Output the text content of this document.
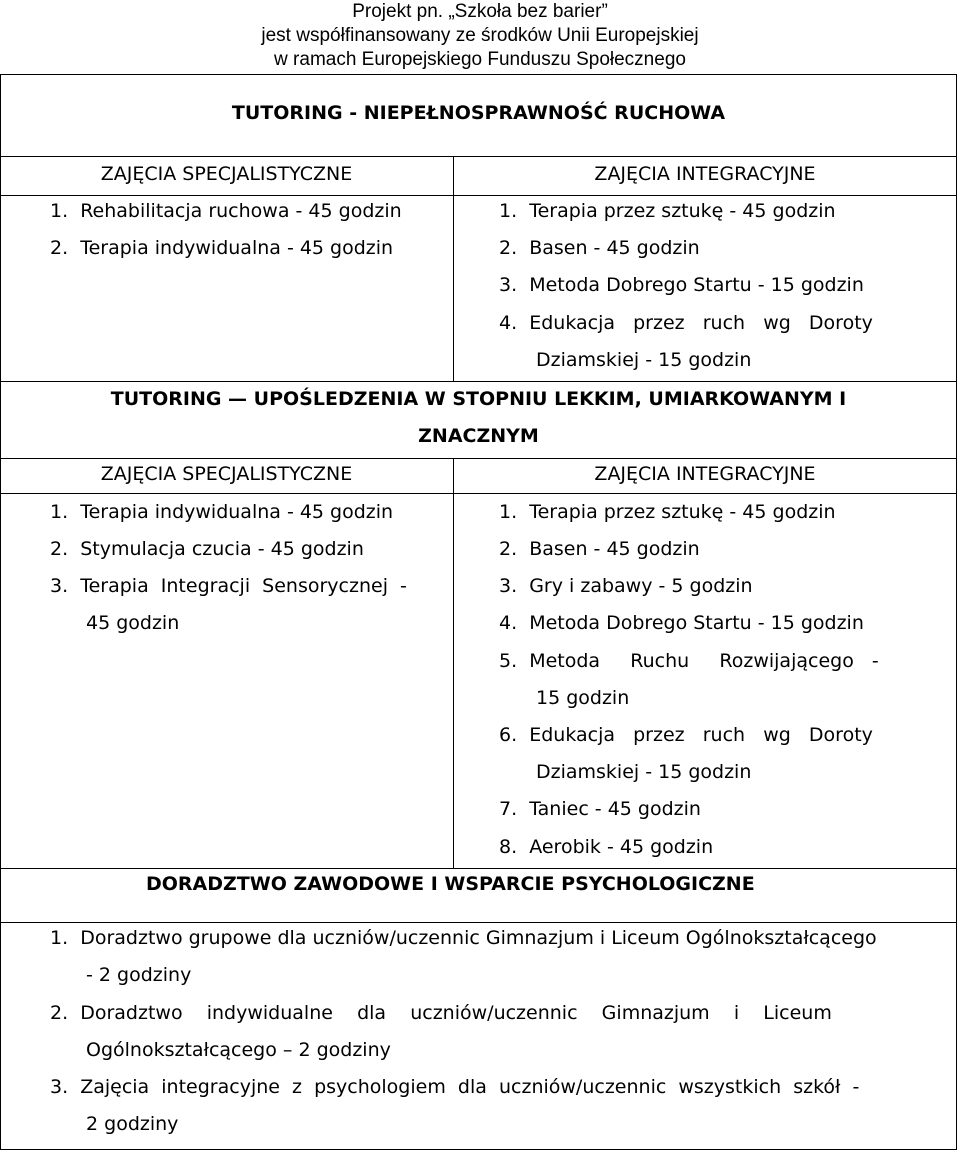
Projekt pn. „Szkoła bez barier”
jest współfinansowany ze środków Unii Europejskiej
w ramach Europejskiego Funduszu Społecznego
TUTORING - NIEPEŁNOSPRAWNOŚĆ RUCHOWA
ZAJĘCIA SPECJALISTYCZNE	ZAJĘCIA INTEGRACYJNE
1.  Rehabilitacja ruchowa - 45 godzin
2.  Terapia indywidualna - 45 godzin
1.  Terapia przez sztukę - 45 godzin
2.  Basen - 45 godzin
3.  Metoda Dobrego Startu - 15 godzin
4.  Edukacja   przez   ruch   wg   Doroty
Dziamskiej - 15 godzin
TUTORING — UPOŚLEDZENIA W STOPNIU LEKKIM, UMIARKOWANYM I
ZNACZNYM
ZAJĘCIA SPECJALISTYCZNE	ZAJĘCIA INTEGRACYJNE
1.  Terapia indywidualna - 45 godzin
2.  Stymulacja czucia - 45 godzin
3.  Terapia  Integracji  Sensorycznej  -
45 godzin
1.  Terapia przez sztukę - 45 godzin
2.  Basen - 45 godzin
3.  Gry i zabawy - 5 godzin
4.  Metoda Dobrego Startu - 15 godzin
5.  Metoda     Ruchu     Rozwijającego   -
15 godzin
6.  Edukacja   przez   ruch   wg   Doroty
Dziamskiej - 15 godzin
7.  Taniec - 45 godzin
8.  Aerobik - 45 godzin
DORADZTWO ZAWODOWE I WSPARCIE PSYCHOLOGICZNE
1.  Doradztwo grupowe dla uczniów/uczennic Gimnazjum i Liceum Ogólnokształcącego
- 2 godziny
2.  Doradztwo    indywidualne    dla    uczniów/uczennic    Gimnazjum    i    Liceum
Ogólnokształcącego – 2 godziny
3.  Zajęcia  integracyjne  z  psychologiem  dla  uczniów/uczennic  wszystkich  szkół  -
2 godziny
